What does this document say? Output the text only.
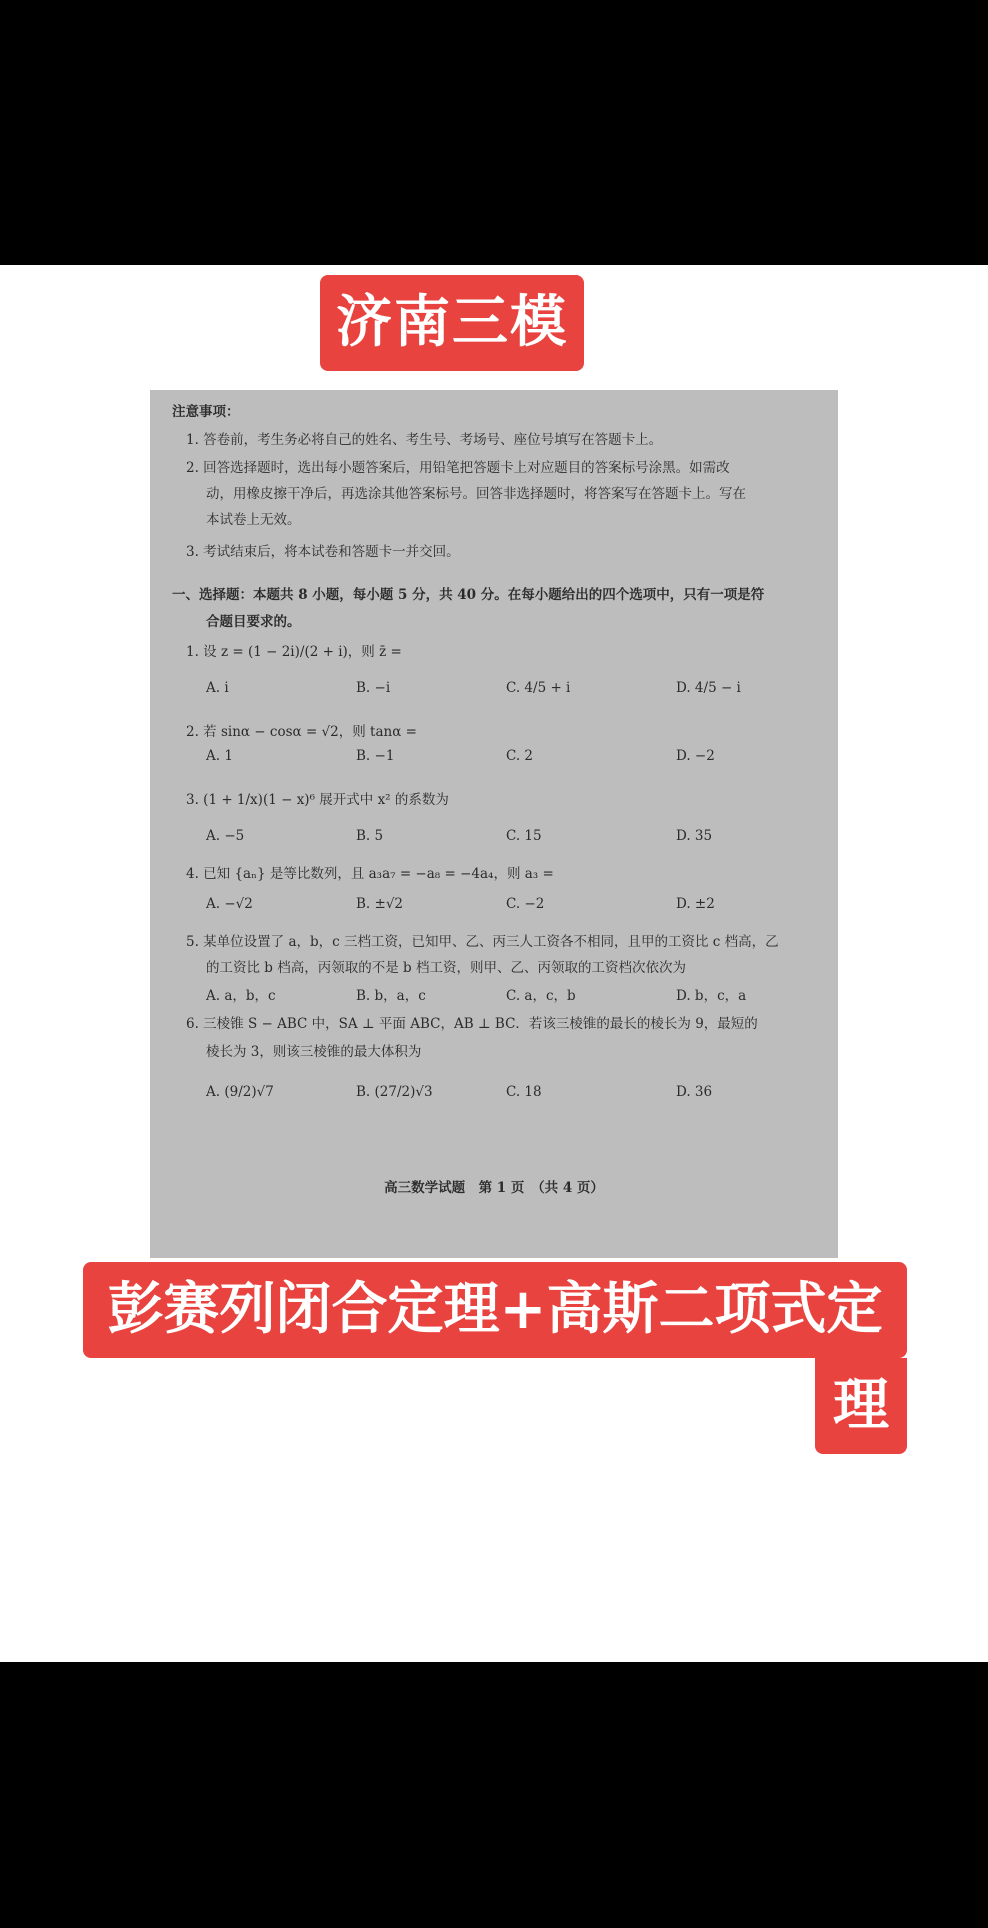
济南三模
注意事项：
1. 答卷前，考生务必将自己的姓名、考生号、考场号、座位号填写在答题卡上。
2. 回答选择题时，选出每小题答案后，用铅笔把答题卡上对应题目的答案标号涂黑。如需改
动，用橡皮擦干净后，再选涂其他答案标号。回答非选择题时，将答案写在答题卡上。写在
本试卷上无效。
3. 考试结束后，将本试卷和答题卡一并交回。
一、选择题：本题共 8 小题，每小题 5 分，共 40 分。在每小题给出的四个选项中，只有一项是符
合题目要求的。
1. 设 z = (1 − 2i)/(2 + i)，则 z̄ =
A. i	B. −i	C. 4/5 + i	D. 4/5 − i
2. 若 sinα − cosα = √2，则 tanα =
A. 1	B. −1	C. 2	D. −2
3. (1 + 1/x)(1 − x)⁶ 展开式中 x² 的系数为
A. −5	B. 5	C. 15	D. 35
4. 已知 {aₙ} 是等比数列，且 a₃a₇ = −a₈ = −4a₄，则 a₃ =
A. −√2	B. ±√2	C. −2	D. ±2
5. 某单位设置了 a，b，c 三档工资，已知甲、乙、丙三人工资各不相同，且甲的工资比 c 档高，乙
的工资比 b 档高，丙领取的不是 b 档工资，则甲、乙、丙领取的工资档次依次为
A. a，b，c	B. b，a，c	C. a，c，b	D. b，c，a
6. 三棱锥 S − ABC 中，SA ⊥ 平面 ABC，AB ⊥ BC．若该三棱锥的最长的棱长为 9，最短的
棱长为 3，则该三棱锥的最大体积为
A. (9/2)√7	B. (27/2)√3	C. 18	D. 36
高三数学试题　第 1 页　（共 4 页）
彭赛列闭合定理+高斯二项式定
理
